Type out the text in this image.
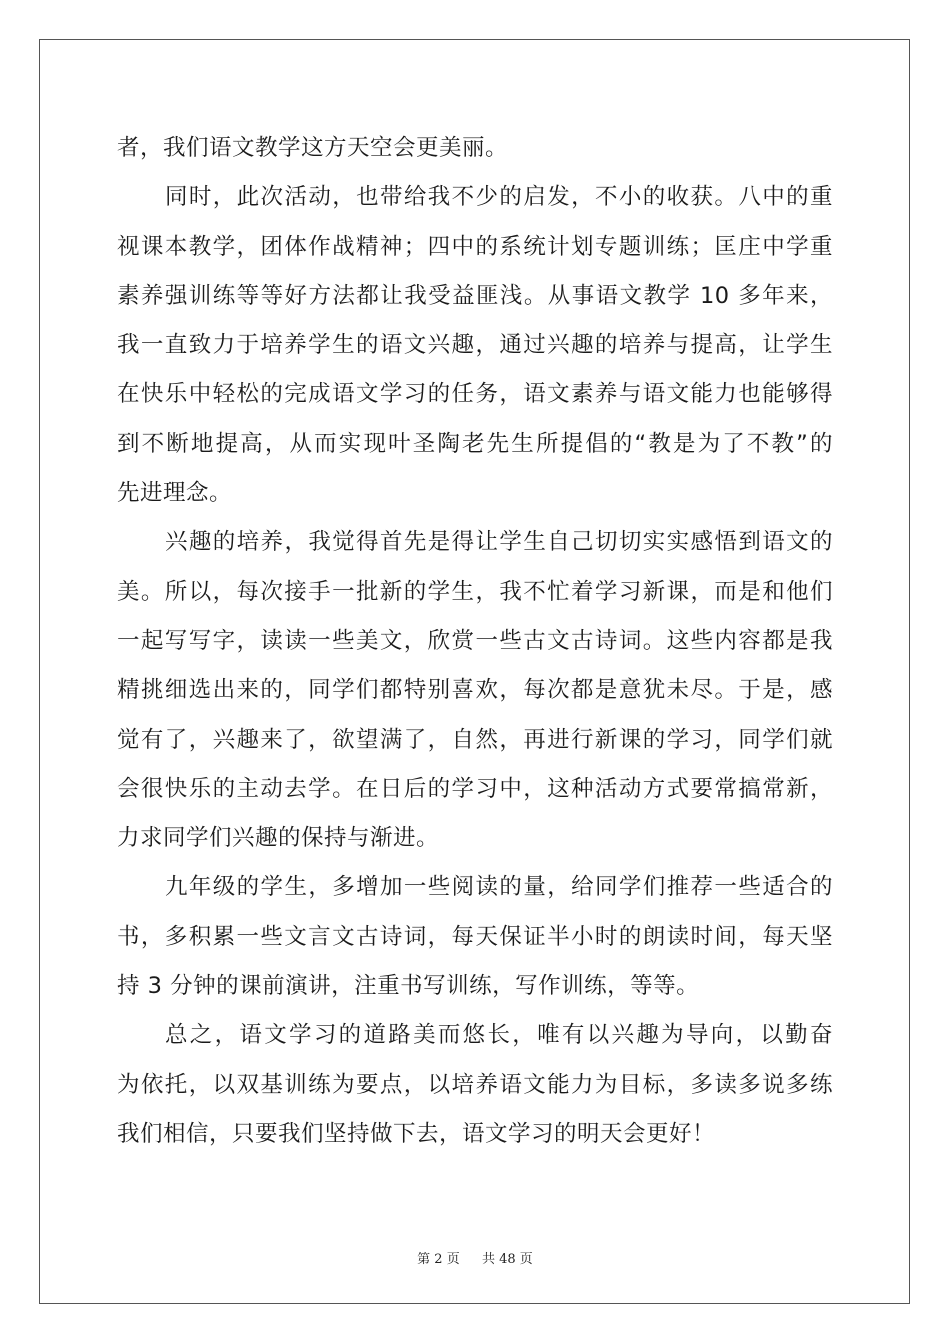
者，我们语文教学这方天空会更美丽。
同时，此次活动，也带给我不少的启发，不小的收获。八中的重
视课本教学，团体作战精神；四中的系统计划专题训练；匡庄中学重
素养强训练等等好方法都让我受益匪浅。从事语文教学 10 多年来，
我一直致力于培养学生的语文兴趣，通过兴趣的培养与提高，让学生
在快乐中轻松的完成语文学习的任务，语文素养与语文能力也能够得
到不断地提高，从而实现叶圣陶老先生所提倡的“教是为了不教”的
先进理念。
兴趣的培养，我觉得首先是得让学生自己切切实实感悟到语文的
美。所以，每次接手一批新的学生，我不忙着学习新课，而是和他们
一起写写字，读读一些美文，欣赏一些古文古诗词。这些内容都是我
精挑细选出来的，同学们都特别喜欢，每次都是意犹未尽。于是，感
觉有了，兴趣来了，欲望满了，自然，再进行新课的学习，同学们就
会很快乐的主动去学。在日后的学习中，这种活动方式要常搞常新，
力求同学们兴趣的保持与渐进。
九年级的学生，多增加一些阅读的量，给同学们推荐一些适合的
书，多积累一些文言文古诗词，每天保证半小时的朗读时间，每天坚
持 3 分钟的课前演讲，注重书写训练，写作训练，等等。
总之，语文学习的道路美而悠长，唯有以兴趣为导向，以勤奋
为依托，以双基训练为要点，以培养语文能力为目标，多读多说多练
我们相信，只要我们坚持做下去，语文学习的明天会更好！
第 2 页 共 48 页
